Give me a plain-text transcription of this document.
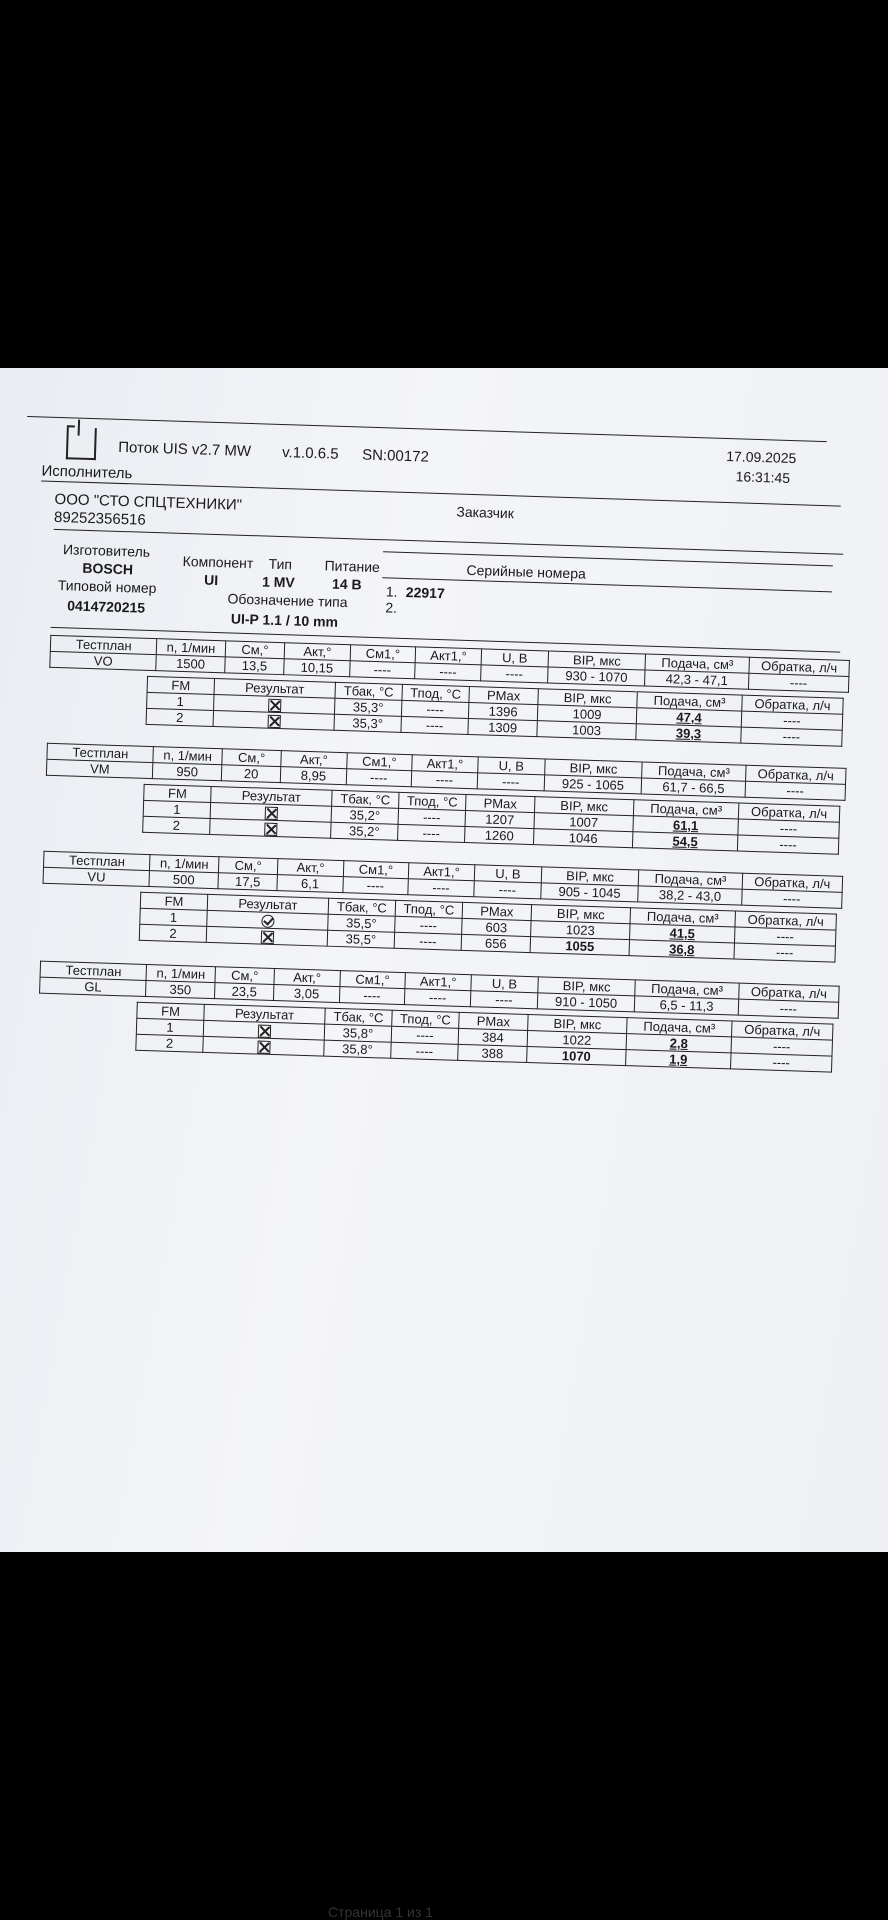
Поток UIS v2.7 MW v.1.0.6.5 SN:00172	17.09.2025
16:31:45
Исполнитель
ООО "СТО СПЦТЕХНИКИ"
89252356516	Заказчик
Изготовитель
BOSCH
Типовой номер
0414720215
Компонент
UI
Тип
1 MV
Питание
14 В
Обозначение типа
UI-P 1.1 / 10 mm
Серийные номера
1. 22917
2.
Тестплан	n, 1/мин	См,°	Акт,°	См1,°	Акт1,°	U, В	ВIP, мкс	Подача, см³	Обратка, л/ч
VO	1500	13,5	10,15	----	----	----	930 - 1070	42,3 - 47,1	----
FM	Результат	Тбак, °С	Тпод, °С	PMax	ВIP, мкс	Подача, см³	Обратка, л/ч
1		35,3°	----	1396	1009	47,4	----
2		35,3°	----	1309	1003	39,3	----
Тестплан	n, 1/мин	См,°	Акт,°	См1,°	Акт1,°	U, В	ВIP, мкс	Подача, см³	Обратка, л/ч
VM	950	20	8,95	----	----	----	925 - 1065	61,7 - 66,5	----
FM	Результат	Тбак, °С	Тпод, °С	PMax	ВIP, мкс	Подача, см³	Обратка, л/ч
1		35,2°	----	1207	1007	61,1	----
2		35,2°	----	1260	1046	54,5	----
Тестплан	n, 1/мин	См,°	Акт,°	См1,°	Акт1,°	U, В	ВIP, мкс	Подача, см³	Обратка, л/ч
VU	500	17,5	6,1	----	----	----	905 - 1045	38,2 - 43,0	----
FM	Результат	Тбак, °С	Тпод, °С	PMax	ВIP, мкс	Подача, см³	Обратка, л/ч
1		35,5°	----	603	1023	41,5	----
2		35,5°	----	656	1055	36,8	----
Тестплан	n, 1/мин	См,°	Акт,°	См1,°	Акт1,°	U, В	ВIP, мкс	Подача, см³	Обратка, л/ч
GL	350	23,5	3,05	----	----	----	910 - 1050	6,5 - 11,3	----
FM	Результат	Тбак, °С	Тпод, °С	PMax	ВIP, мкс	Подача, см³	Обратка, л/ч
1		35,8°	----	384	1022	2,8	----
2		35,8°	----	388	1070	1,9	----
Страница 1 из 1
